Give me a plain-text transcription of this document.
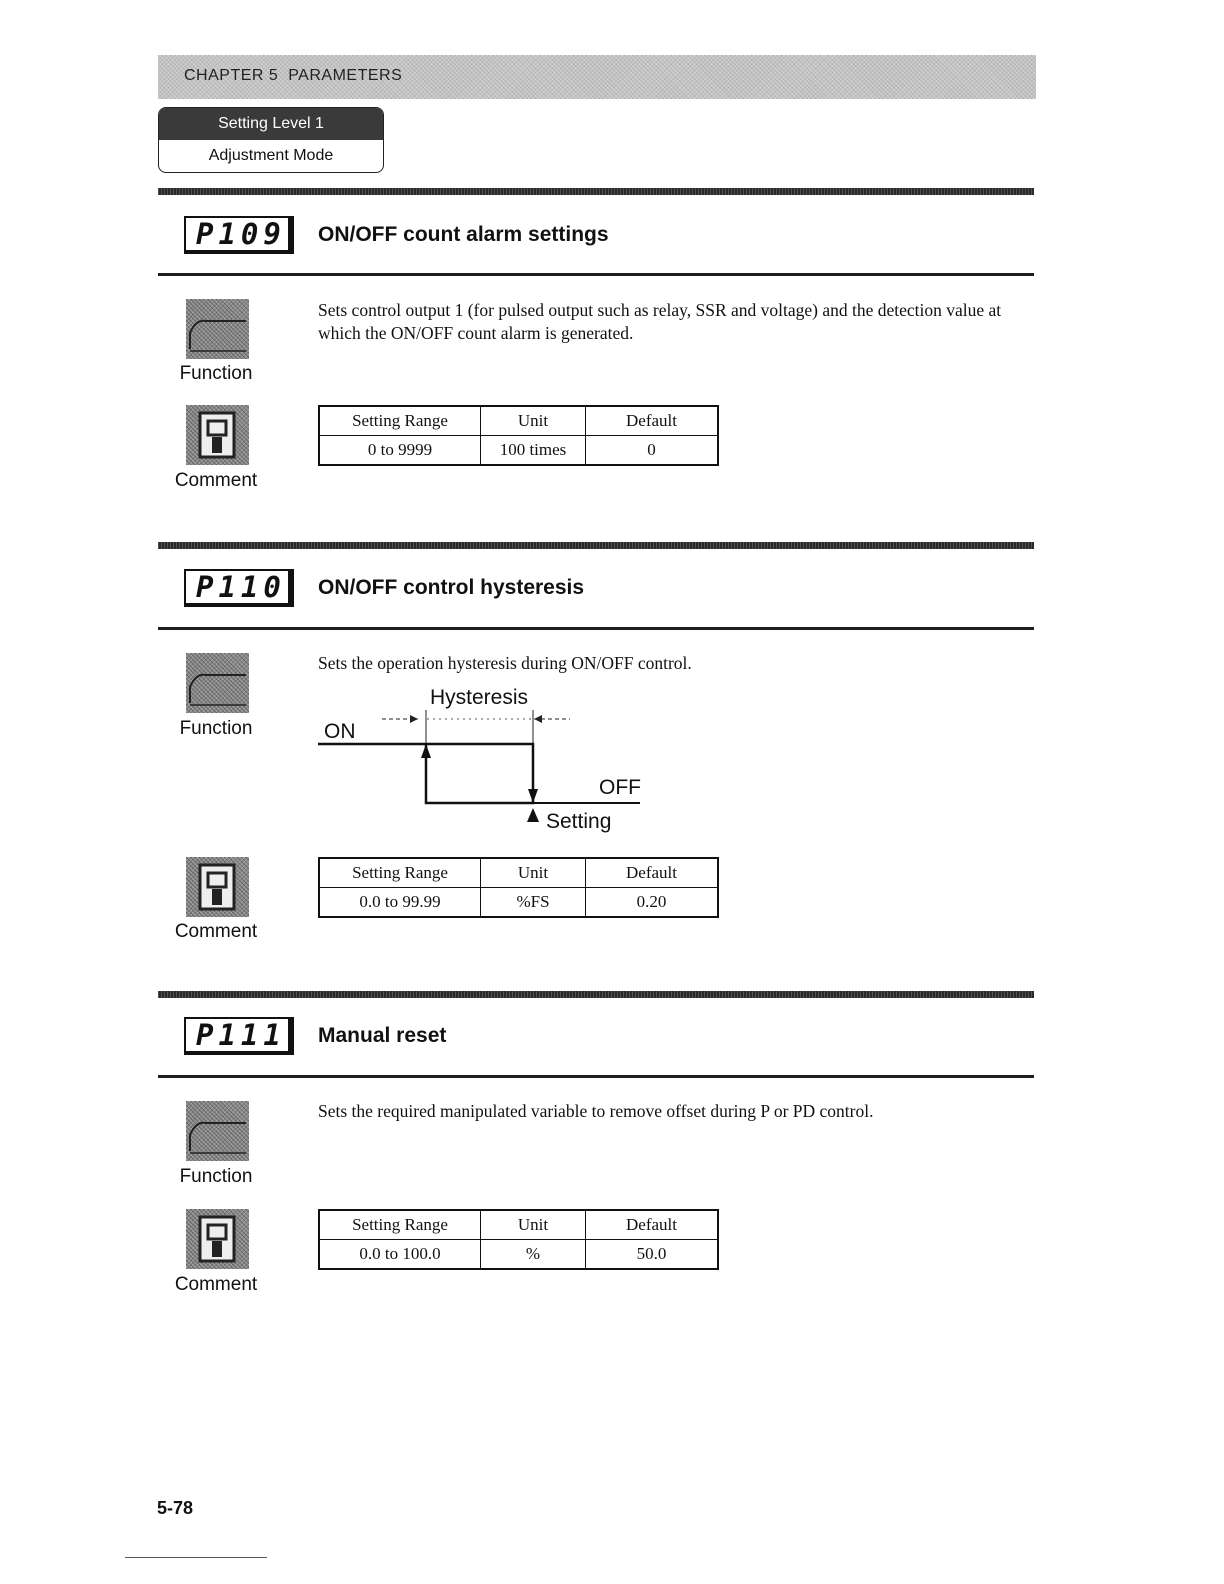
CHAPTER 5  PARAMETERS
Setting Level 1
Adjustment Mode
P109	ON/OFF count alarm settings
Function
Sets control output 1 (for pulsed output such as relay, SSR and voltage) and the detection value at which the ON/OFF count alarm is generated.
Comment
Setting Range	Unit	Default
0 to 9999	100 times	0
P110	ON/OFF control hysteresis
Function
Sets the operation hysteresis during ON/OFF control.
Hysteresis
ON
OFF
Setting
Comment
Setting Range	Unit	Default
0.0 to 99.99	%FS	0.20
P111	Manual reset
Function
Sets the required manipulated variable to remove offset during P or PD control.
Comment
Setting Range	Unit	Default
0.0 to 100.0	%	50.0
5-78
